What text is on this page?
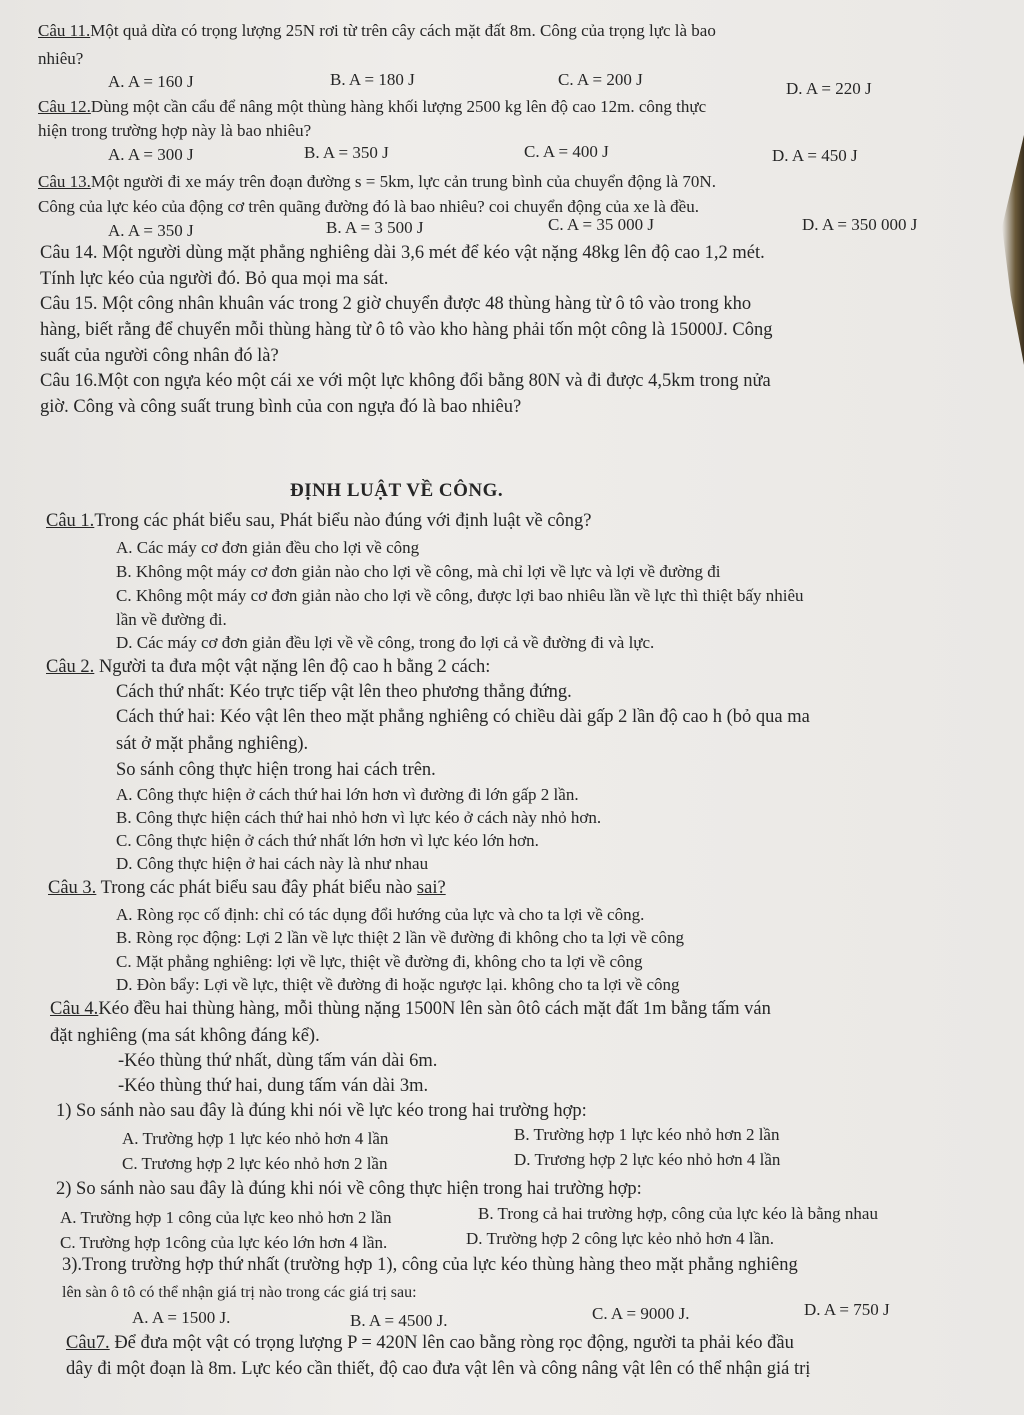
Câu 11.Một quả dừa có trọng lượng 25N rơi từ trên cây cách mặt đất 8m. Công của trọng lực là bao
nhiêu?
A. A = 160 J	B. A = 180 J	C. A = 200 J	D. A = 220 J
Câu 12.Dùng một cần cẩu để nâng một thùng hàng khối lượng 2500 kg lên độ cao 12m. công thực
hiện trong trường hợp này là bao nhiêu?
A. A = 300 J	B. A = 350 J	C. A = 400 J	D. A = 450 J
Câu 13.Một người đi xe máy trên đoạn đường s = 5km, lực cản trung bình của chuyển động là 70N.
Công của lực kéo của động cơ trên quãng đường đó là bao nhiêu? coi chuyển động của xe là đều.
A. A = 350 J	B. A = 3 500 J	C. A = 35 000 J	D. A = 350 000 J
Câu 14. Một người dùng mặt phẳng nghiêng dài 3,6 mét để kéo vật nặng 48kg lên độ cao 1,2 mét.
Tính lực kéo của người đó. Bỏ qua mọi ma sát.
Câu 15. Một công nhân khuân vác trong 2 giờ chuyển được 48 thùng hàng từ ô tô vào trong kho
hàng, biết rằng để chuyển mỗi thùng hàng từ ô tô vào kho hàng phải tốn một công là 15000J. Công
suất của người công nhân đó là?
Câu 16.Một con ngựa kéo một cái xe với một lực không đổi bằng 80N và đi được 4,5km trong nửa
giờ. Công và công suất trung bình của con ngựa đó là bao nhiêu?
ĐỊNH LUẬT VỀ CÔNG.
Câu 1.Trong các phát biểu sau, Phát biểu nào đúng với định luật về công?
A. Các máy cơ đơn giản đều cho lợi về công
B. Không một máy cơ đơn giản nào cho lợi về công, mà chỉ lợi về lực và lợi về đường đi
C. Không một máy cơ đơn giản nào cho lợi về công, được lợi bao nhiêu lần về lực thì thiệt bấy nhiêu
lần về đường đi.
D. Các máy cơ đơn giản đều lợi về về công, trong đo lợi cả về đường đi và lực.
Câu 2. Người ta đưa một vật nặng lên độ cao h bằng 2 cách:
Cách thứ nhất: Kéo trực tiếp vật lên theo phương thẳng đứng.
Cách thứ hai: Kéo vật lên theo mặt phẳng nghiêng có chiều dài gấp 2 lần độ cao h (bỏ qua ma
sát ở mặt phẳng nghiêng).
So sánh công thực hiện trong hai cách trên.
A. Công thực hiện ở cách thứ hai lớn hơn vì đường đi lớn gấp 2 lần.
B. Công thực hiện cách thứ hai nhỏ hơn vì lực kéo ở cách này nhỏ hơn.
C. Công thực hiện ở cách thứ nhất lớn hơn vì lực kéo lớn hơn.
D. Công thực hiện ở hai cách này là như nhau
Câu 3. Trong các phát biểu sau đây phát biểu nào sai?
A. Ròng rọc cố định: chỉ có tác dụng đổi hướng của lực và cho ta lợi về công.
B. Ròng rọc động: Lợi 2 lần về lực thiệt 2 lần về đường đi không cho ta lợi về công
C. Mặt phẳng nghiêng: lợi về lực, thiệt về đường đi, không cho ta lợi về công
D. Đòn bẩy: Lợi về lực, thiệt về đường đi hoặc ngược lại. không cho ta lợi về công
Câu 4.Kéo đều hai thùng hàng, mỗi thùng nặng 1500N lên sàn ôtô cách mặt đất 1m bằng tấm ván
đặt nghiêng (ma sát không đáng kể).
-Kéo thùng thứ nhất, dùng tấm ván dài 6m.
-Kéo thùng thứ hai, dung tấm ván dài 3m.
1) So sánh nào sau đây là đúng khi nói về lực kéo trong hai trường hợp:
A. Trường hợp 1 lực kéo nhỏ hơn 4 lần	B. Trường hợp 1 lực kéo nhỏ hơn 2 lần
C. Trương hợp 2 lực kéo nhỏ hơn 2 lần	D. Trương hợp 2 lực kéo nhỏ hơn 4 lần
2) So sánh nào sau đây là đúng khi nói về công thực hiện trong hai trường hợp:
A. Trường hợp 1 công của lực keo nhỏ hơn 2 lần	B. Trong cả hai trường hợp, công của lực kéo là bằng nhau
C. Trường hợp 1công của lực kéo lớn hơn 4 lần.	D. Trường hợp 2 công lực kẻo nhỏ hơn 4 lần.
3).Trong trường hợp thứ nhất (trường hợp 1), công của lực kéo thùng hàng theo mặt phẳng nghiêng
lên sàn ô tô có thể nhận giá trị nào trong các giá trị sau:
A. A = 1500 J.	B. A = 4500 J.	C. A = 9000 J.	D. A = 750 J
Câu7. Để đưa một vật có trọng lượng P = 420N lên cao bằng ròng rọc động, người ta phải kéo đầu
dây đi một đoạn là 8m. Lực kéo cần thiết, độ cao đưa vật lên và công nâng vật lên có thể nhận giá trị
